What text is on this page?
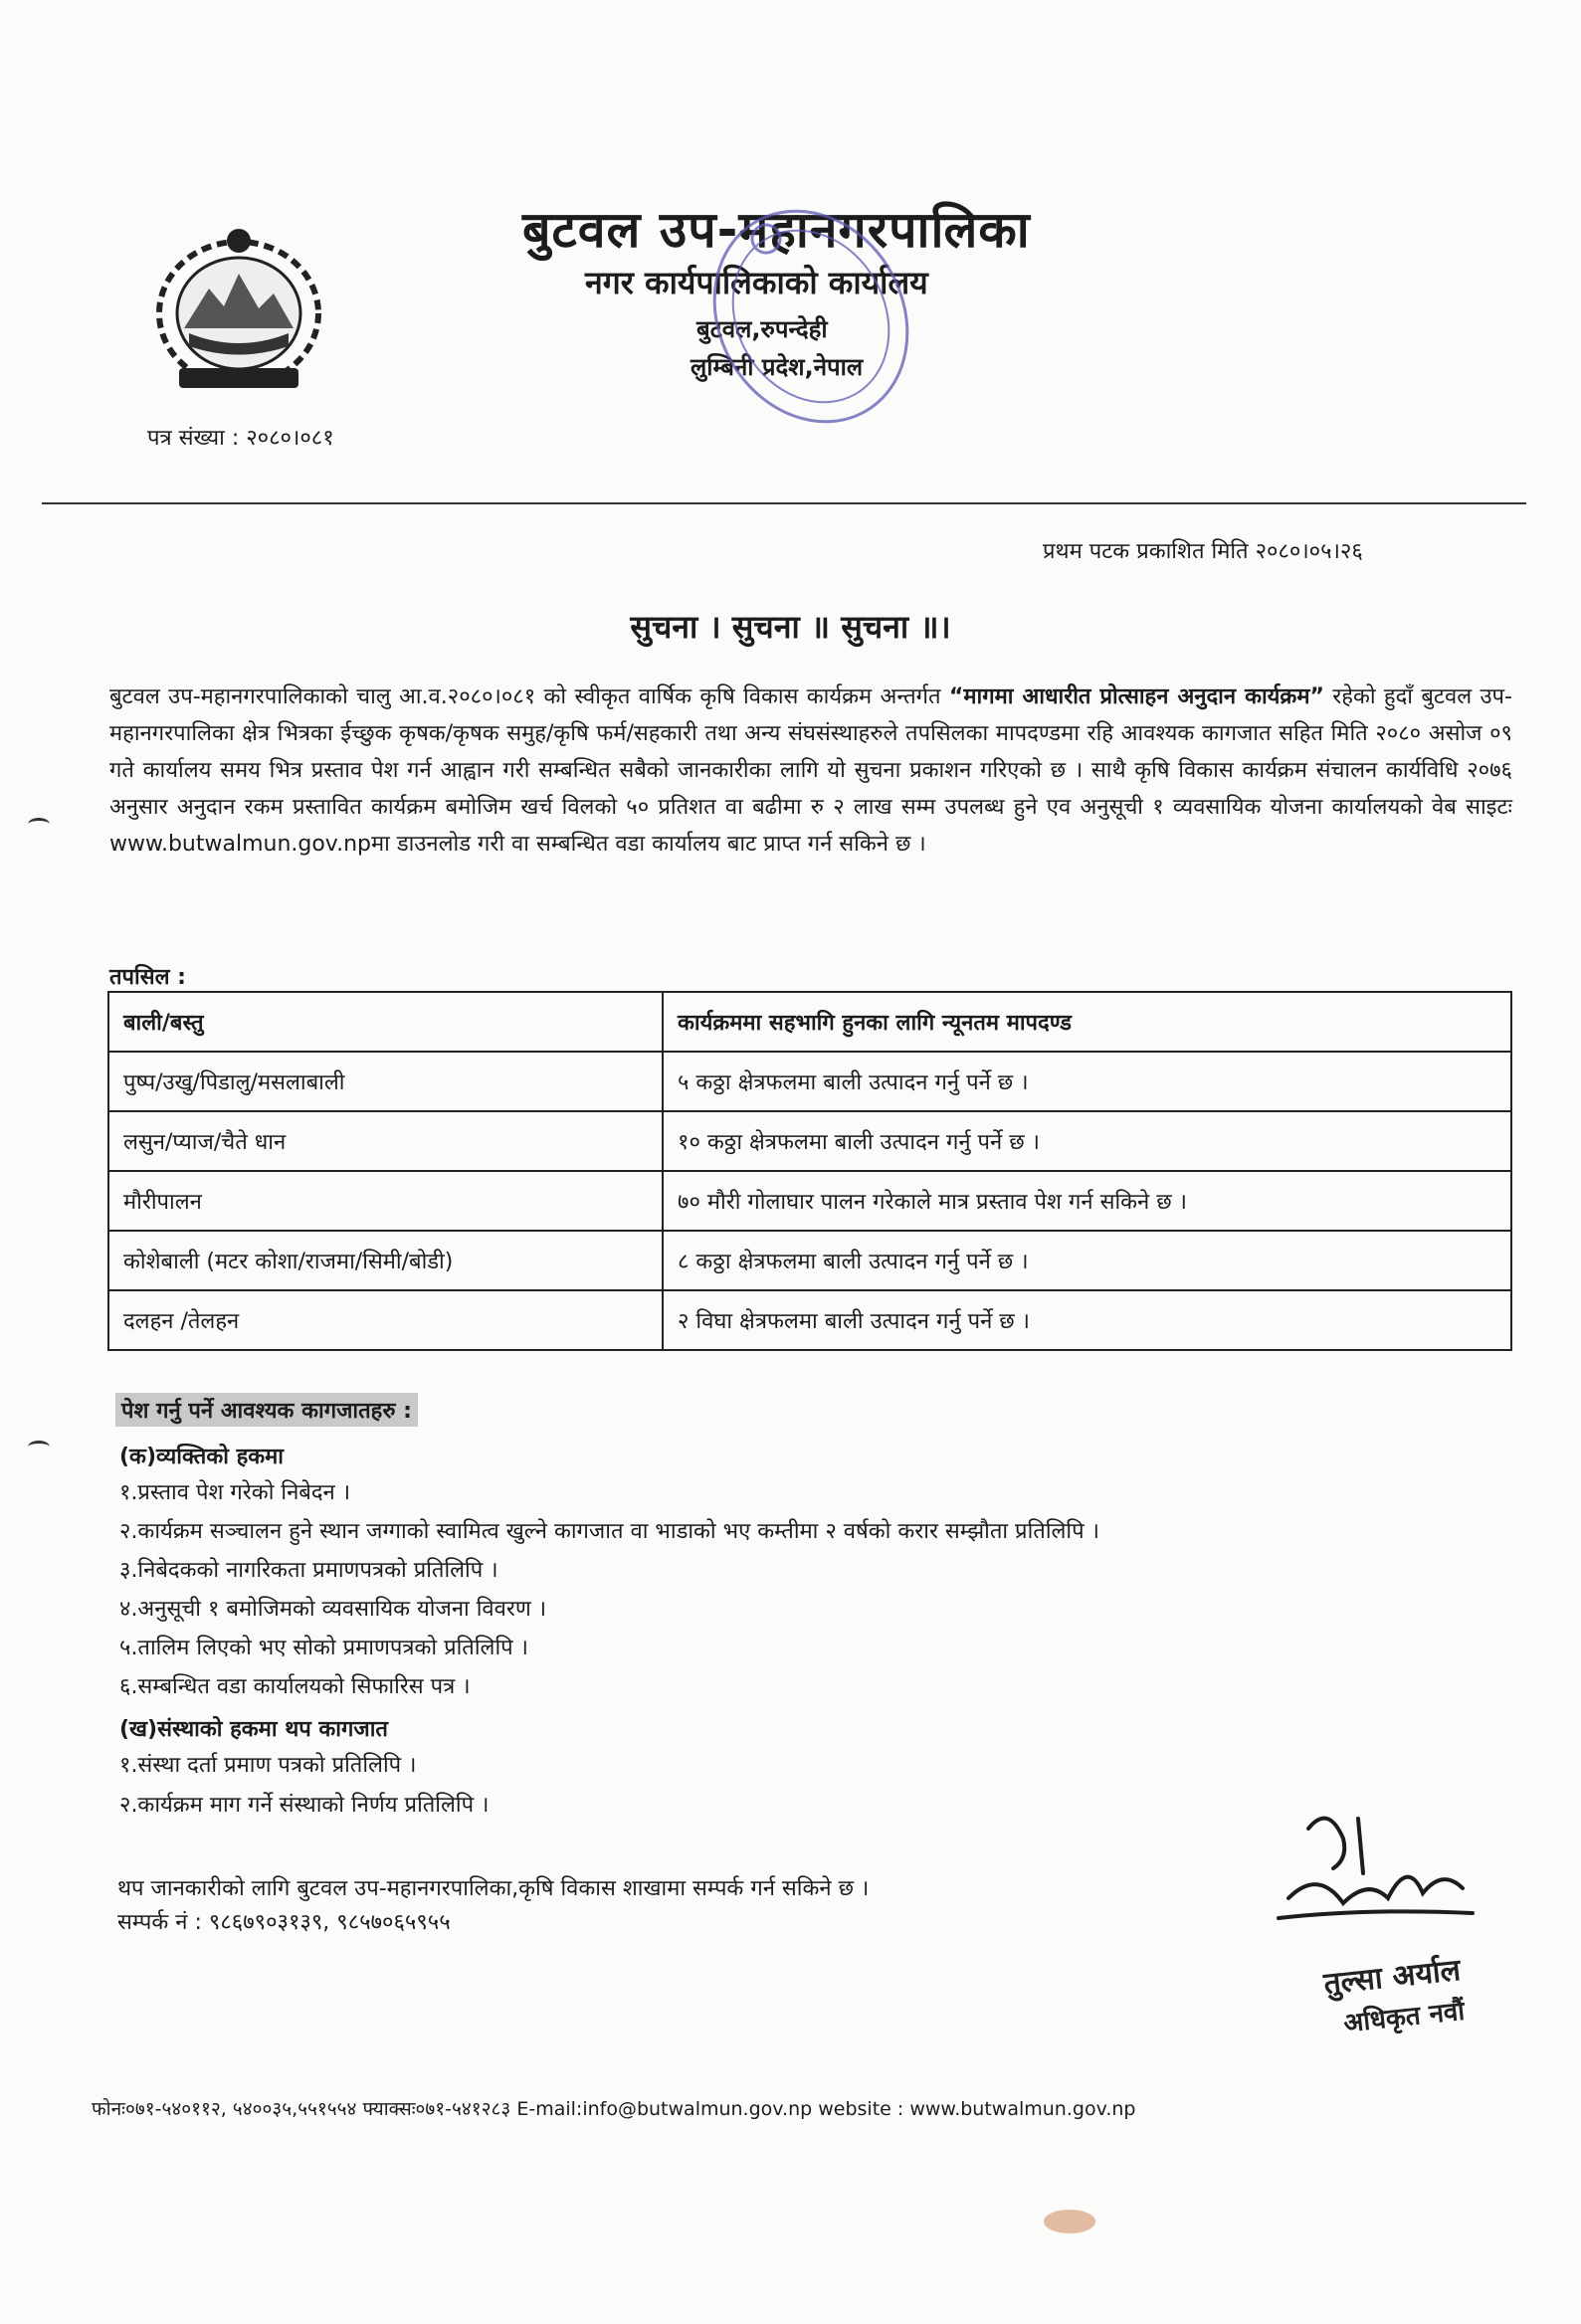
बुटवल उप-महानगरपालिका
नगर कार्यपालिकाको कार्यालय
बुटवल,रुपन्देही
लुम्बिनी प्रदेश,नेपाल
पत्र संख्या : २०८०।०८१
प्रथम पटक प्रकाशित मिति २०८०।०५।२६
सुचना । सुचना ॥ सुचना ॥।
बुटवल उप-महानगरपालिकाको चालु आ.व.२०८०।०८१ को स्वीकृत वार्षिक कृषि विकास कार्यक्रम अन्तर्गत “मागमा आधारीत प्रोत्साहन अनुदान कार्यक्रम” रहेको हुदाँ बुटवल उप-महानगरपालिका क्षेत्र भित्रका ईच्छुक कृषक/कृषक समुह/कृषि फर्म/सहकारी तथा अन्य संघसंस्थाहरुले तपसिलका मापदण्डमा रहि आवश्यक कागजात सहित मिति २०८० असोज ०९ गते कार्यालय समय भित्र प्रस्ताव पेश गर्न आह्वान गरी सम्बन्धित सबैको जानकारीका लागि यो सुचना प्रकाशन गरिएको छ । साथै कृषि विकास कार्यक्रम संचालन कार्यविधि २०७६ अनुसार अनुदान रकम प्रस्तावित कार्यक्रम बमोजिम खर्च विलको ५० प्रतिशत वा बढीमा रु २ लाख सम्म उपलब्ध हुने एव अनुसूची १ व्यवसायिक योजना कार्यालयको वेब साइटः www.butwalmun.gov.npमा डाउनलोड गरी वा सम्बन्धित वडा कार्यालय बाट प्राप्त गर्न सकिने छ ।
तपसिल :
बाली/बस्तु	कार्यक्रममा सहभागि हुनका लागि न्यूनतम मापदण्ड
पुष्प/उखु/पिडालु/मसलाबाली	५ कठ्ठा क्षेत्रफलमा बाली उत्पादन गर्नु पर्ने छ ।
लसुन/प्याज/चैते धान	१० कठ्ठा क्षेत्रफलमा बाली उत्पादन गर्नु पर्ने छ ।
मौरीपालन	७० मौरी गोलाघार पालन गरेकाले मात्र प्रस्ताव पेश गर्न सकिने छ ।
कोशेबाली (मटर कोशा/राजमा/सिमी/बोडी)	८ कठ्ठा क्षेत्रफलमा बाली उत्पादन गर्नु पर्ने छ ।
दलहन /तेलहन	२ विघा क्षेत्रफलमा बाली उत्पादन गर्नु पर्ने छ ।
पेश गर्नु पर्ने आवश्यक कागजातहरु :
(क)व्यक्तिको हकमा
१.प्रस्ताव पेश गरेको निबेदन ।
२.कार्यक्रम सञ्चालन हुने स्थान जग्गाको स्वामित्व खुल्ने कागजात वा भाडाको भए कम्तीमा २ वर्षको करार सम्झौता प्रतिलिपि ।
३.निबेदकको नागरिकता प्रमाणपत्रको प्रतिलिपि ।
४.अनुसूची १ बमोजिमको व्यवसायिक योजना विवरण ।
५.तालिम लिएको भए सोको प्रमाणपत्रको प्रतिलिपि ।
६.सम्बन्धित वडा कार्यालयको सिफारिस पत्र ।
(ख)संस्थाको हकमा थप कागजात
१.संस्था दर्ता प्रमाण पत्रको प्रतिलिपि ।
२.कार्यक्रम माग गर्ने संस्थाको निर्णय प्रतिलिपि ।
थप जानकारीको लागि बुटवल उप-महानगरपालिका,कृषि विकास शाखामा सम्पर्क गर्न सकिने छ ।
सम्पर्क नं : ९८६७९०३१३९, ९८५७०६५९५५
तुल्सा अर्याल
अधिकृत नवौं
फोनः०७१-५४०११२, ५४००३५,५५१५५४ फ्याक्सः०७१-५४१२८३ E-mail:info@butwalmun.gov.np website : www.butwalmun.gov.np
